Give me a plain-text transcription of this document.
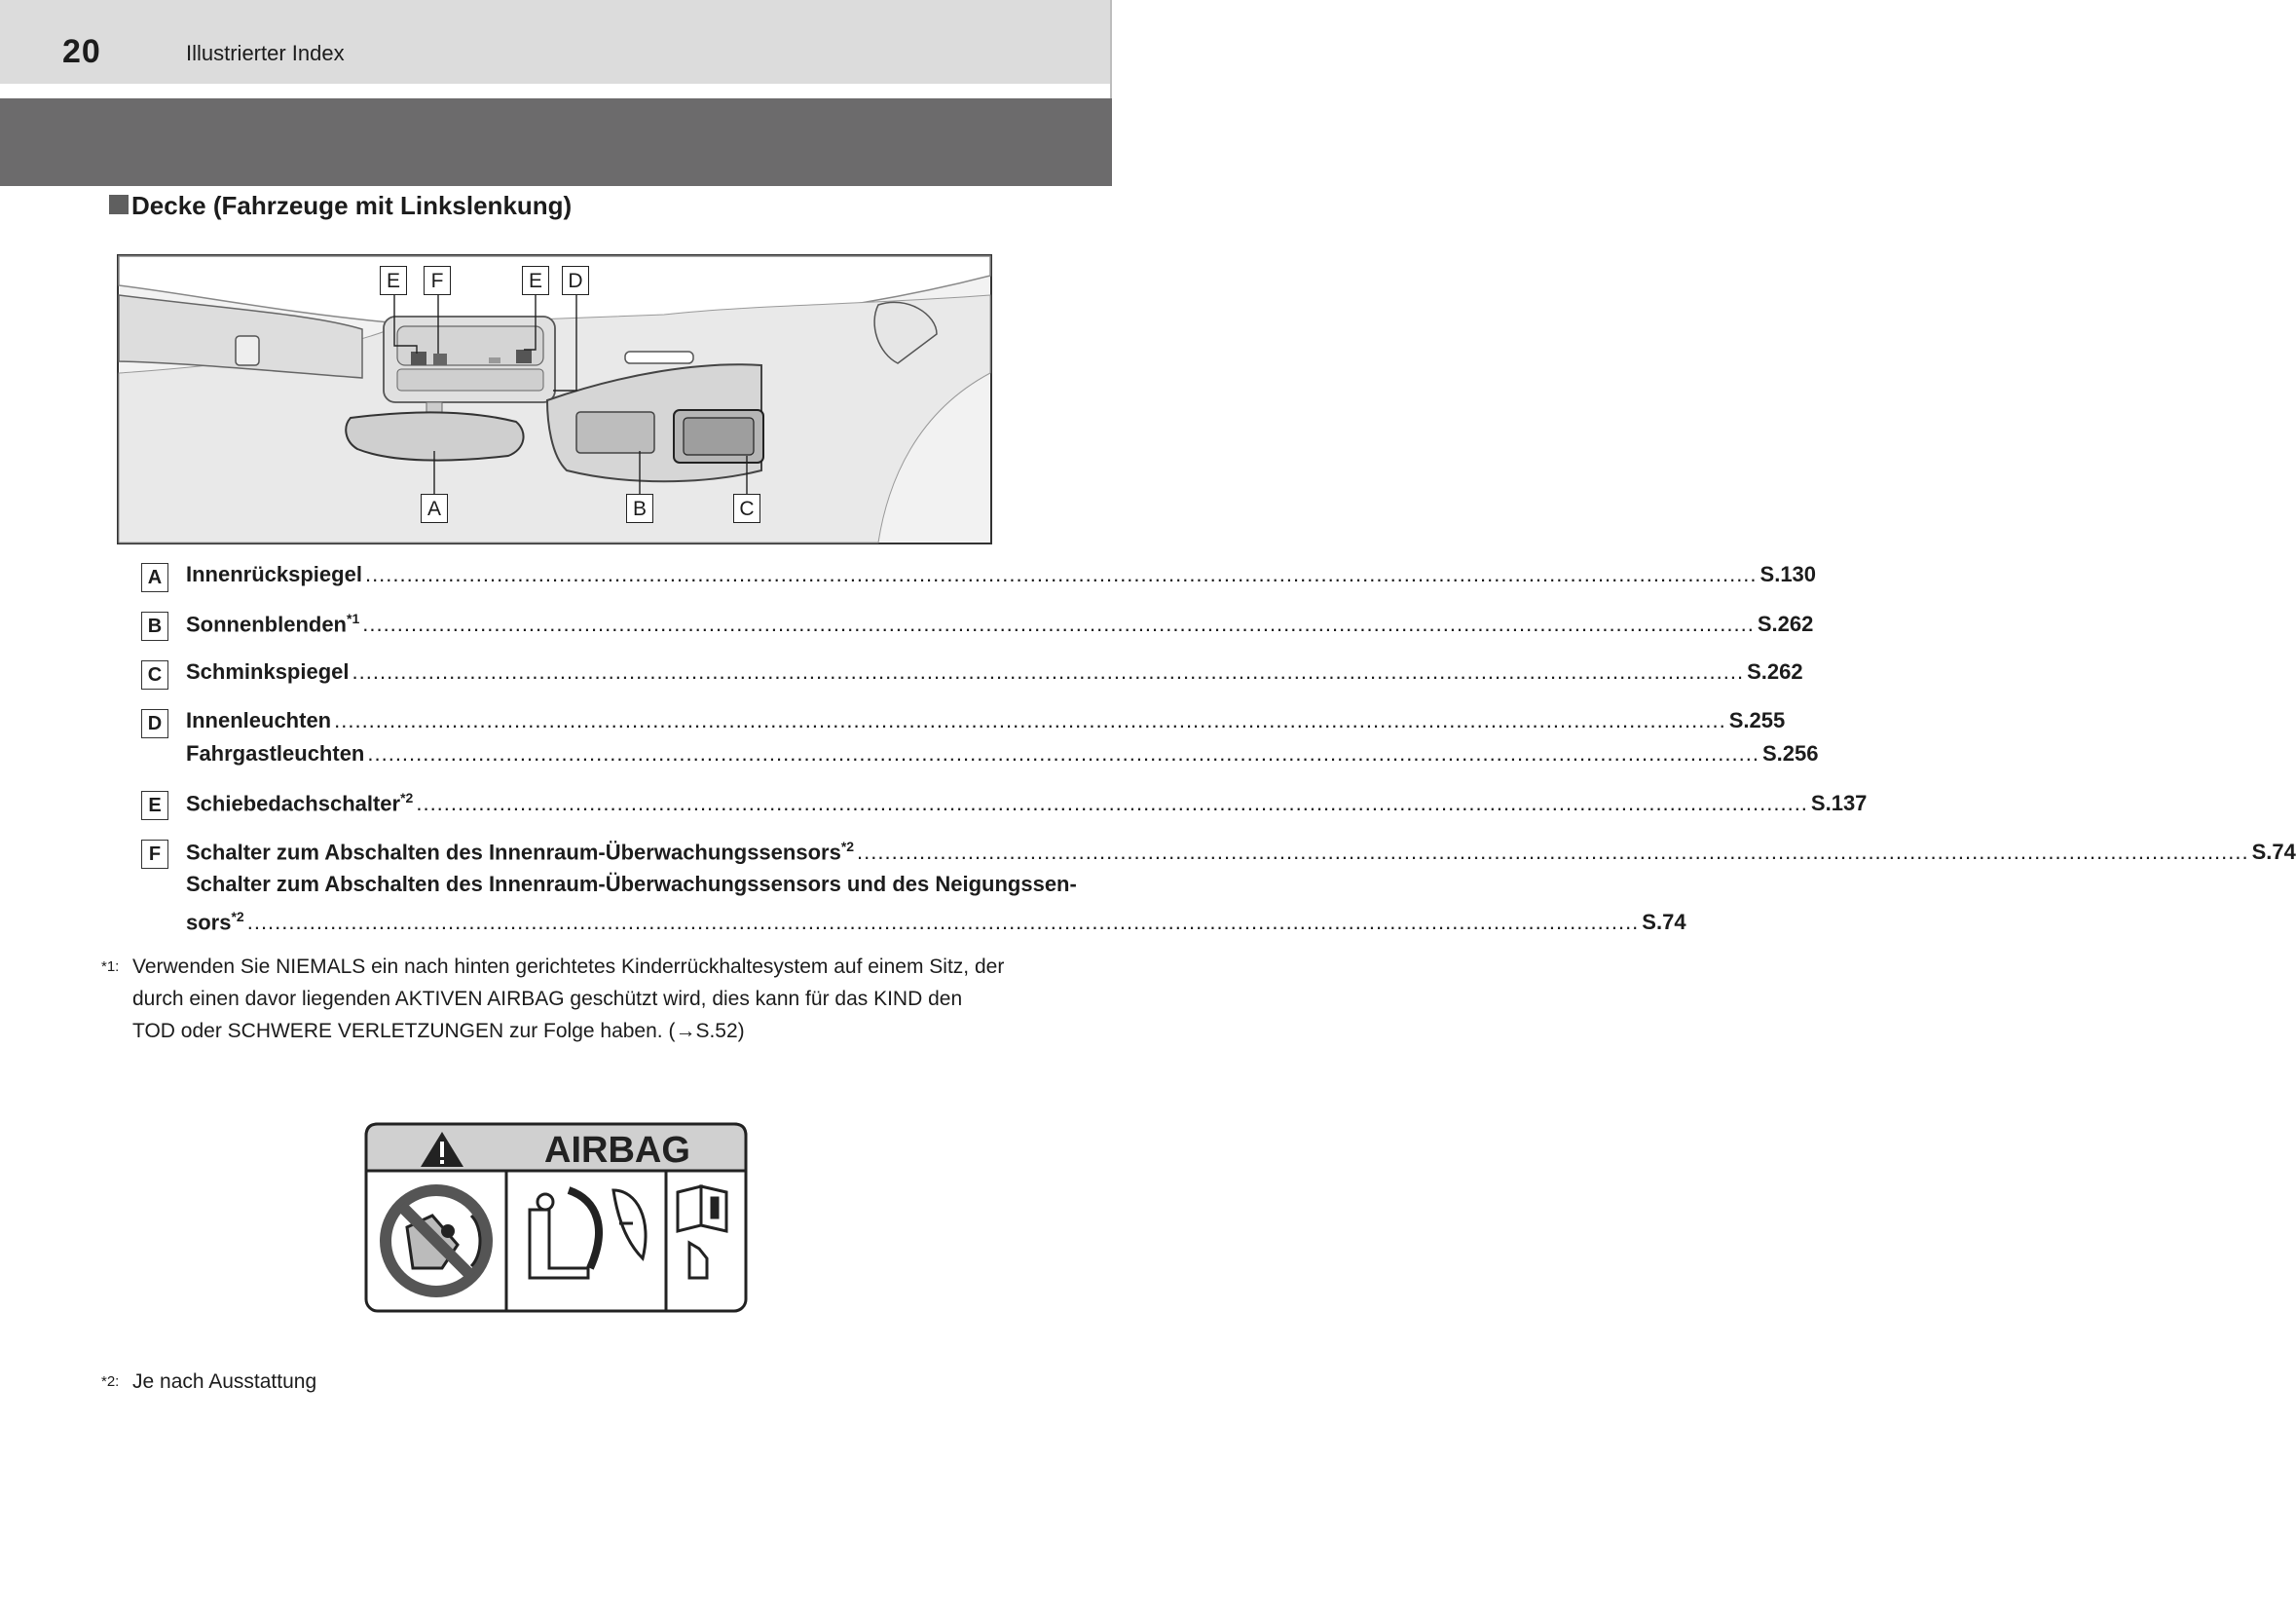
20	Illustrierter Index
Decke (Fahrzeuge mit Linkslenkung)
E	F	E	D
A	B	C
A	Innenrückspiegel ......................................................................................................................................................................................................... S.130
B	Sonnenblenden$^{*1}$ ......................................................................................................................................................................................................... S.262
C	Schminkspiegel ......................................................................................................................................................................................................... S.262
D	Innenleuchten ......................................................................................................................................................................................................... S.255
Fahrgastleuchten ......................................................................................................................................................................................................... S.256
E	Schiebedachschalter$^{*2}$ ......................................................................................................................................................................................................... S.137
F	Schalter zum Abschalten des Innenraum-Überwachungssensors$^{*2}$ ......................................................................................................................................................................................................... S.74
Schalter zum Abschalten des Innenraum-Überwachungssensors und des Neigungssen-
sors$^{*2}$ ......................................................................................................................................................................................................... S.74
*1: Verwenden Sie NIEMALS ein nach hinten gerichtetes Kinderrückhaltesystem auf einem Sitz, der durch einen davor liegenden AKTIVEN AIRBAG geschützt wird, dies kann für das KIND den TOD oder SCHWERE VERLETZUNGEN zur Folge haben. (→S.52)
AIRBAG
*2: Je nach Ausstattung
